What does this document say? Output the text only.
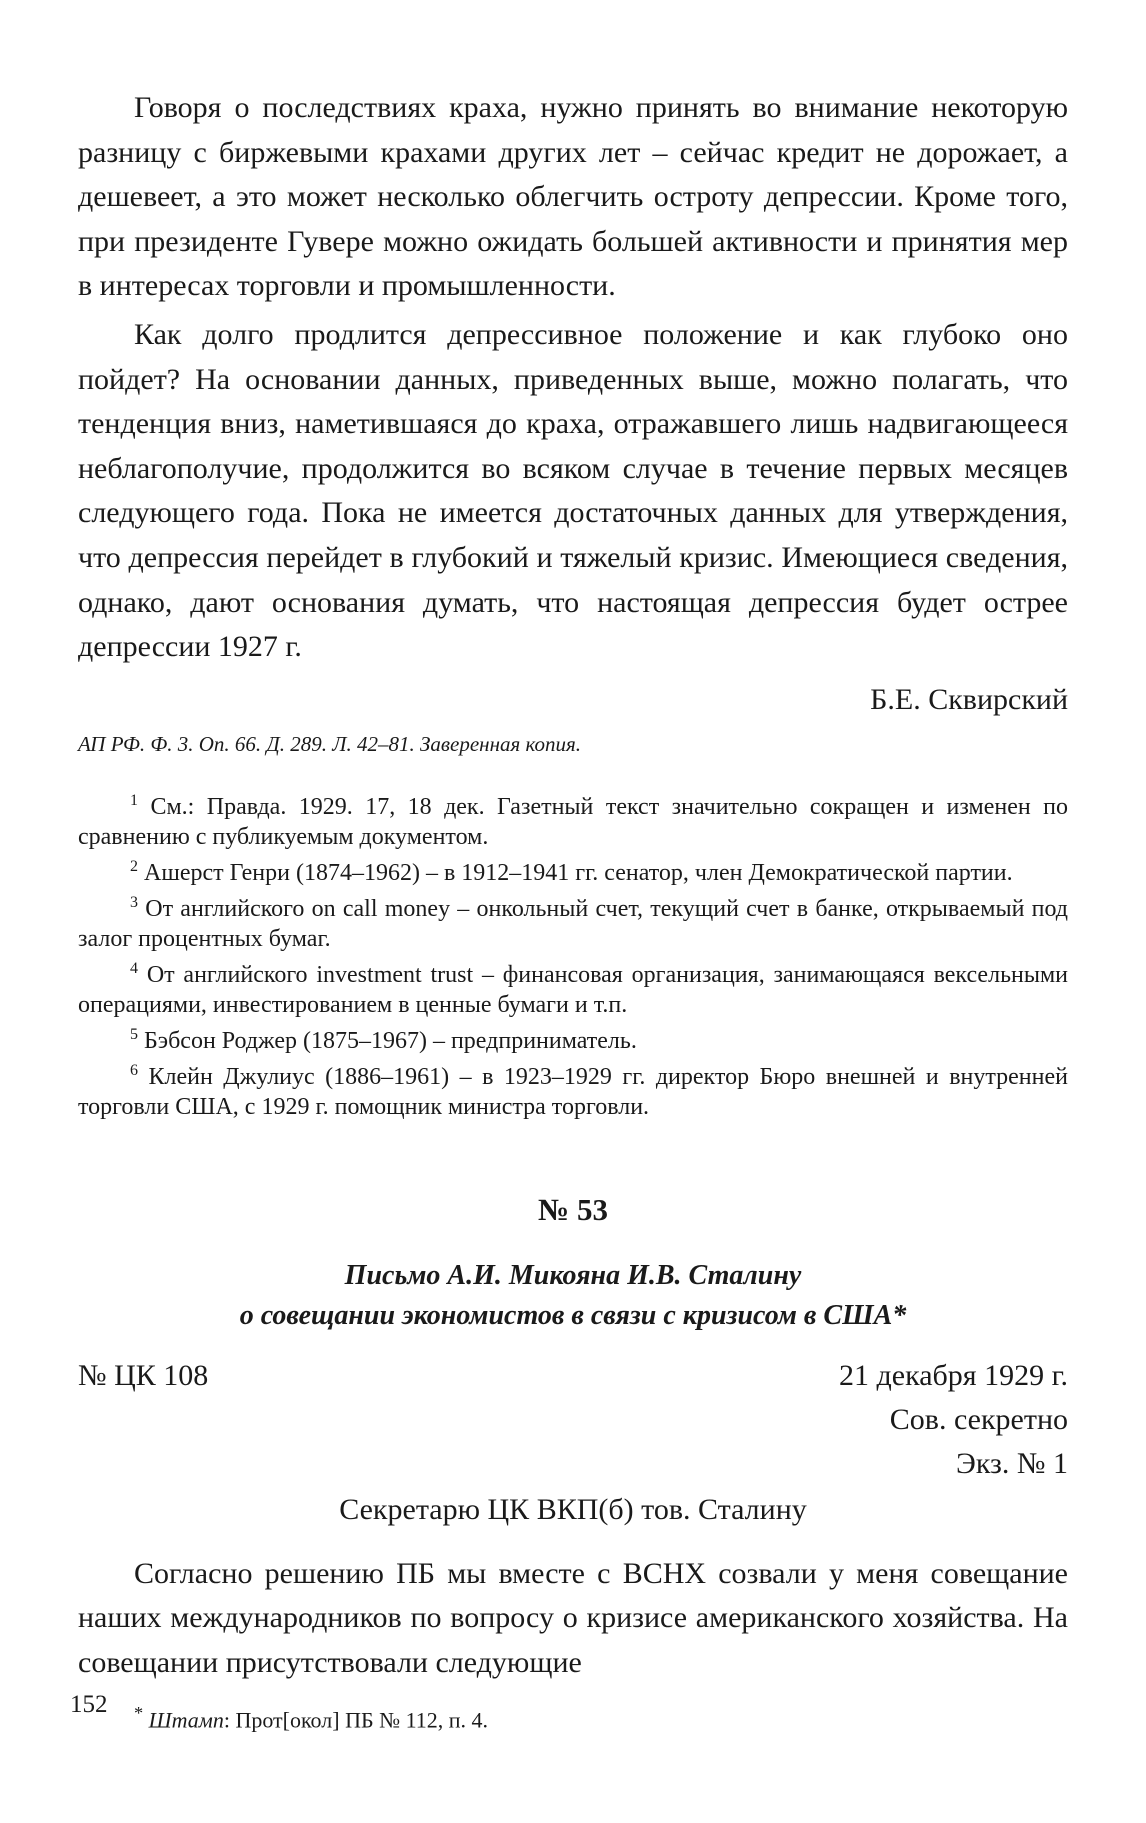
Говоря о последствиях краха, нужно принять во внимание некоторую разницу с биржевыми крахами других лет – сейчас кредит не дорожает, а дешевеет, а это может несколько облегчить остроту депрессии. Кроме того, при президенте Гувере можно ожидать большей активности и принятия мер в интересах торговли и промышленности.

Как долго продлится депрессивное положение и как глубоко оно пойдет? На основании данных, приведенных выше, можно полагать, что тенденция вниз, наметившаяся до краха, отражавшего лишь надвигающееся неблагополучие, продолжится во всяком случае в течение первых месяцев следующего года. Пока не имеется достаточных данных для утверждения, что депрессия перейдет в глубокий и тяжелый кризис. Имеющиеся сведения, однако, дают основания думать, что настоящая депрессия будет острее депрессии 1927 г.

Б.Е. Сквирский
АП РФ. Ф. 3. Оп. 66. Д. 289. Л. 42–81. Заверенная копия.

$^1$ См.: Правда. 1929. 17, 18 дек. Газетный текст значительно сокращен и изменен по сравнению с публикуемым документом.

$^2$ Ашерст Генри (1874–1962) – в 1912–1941 гг. сенатор, член Демократической партии.

$^3$ От английского on call money – онкольный счет, текущий счет в банке, открываемый под залог процентных бумаг.

$^4$ От английского investment trust – финансовая организация, занимающаяся вексельными операциями, инвестированием в ценные бумаги и т.п.

$^5$ Бэбсон Роджер (1875–1967) – предприниматель.

$^6$ Клейн Джулиус (1886–1961) – в 1923–1929 гг. директор Бюро внешней и внутренней торговли США, с 1929 г. помощник министра торговли.

№ 53
Письмо А.И. Микояна И.В. Сталину
о совещании экономистов в связи с кризисом в США*
№ ЦК 108	21 декабря 1929 г.
Сов. секретно
Экз. № 1
Секретарю ЦК ВКП(б) тов. Сталину

Согласно решению ПБ мы вместе с ВСНХ созвали у меня совещание наших международников по вопросу о кризисе американского хозяйства. На совещании присутствовали следующие

* Штамп: Прот[окол] ПБ № 112, п. 4.
152
